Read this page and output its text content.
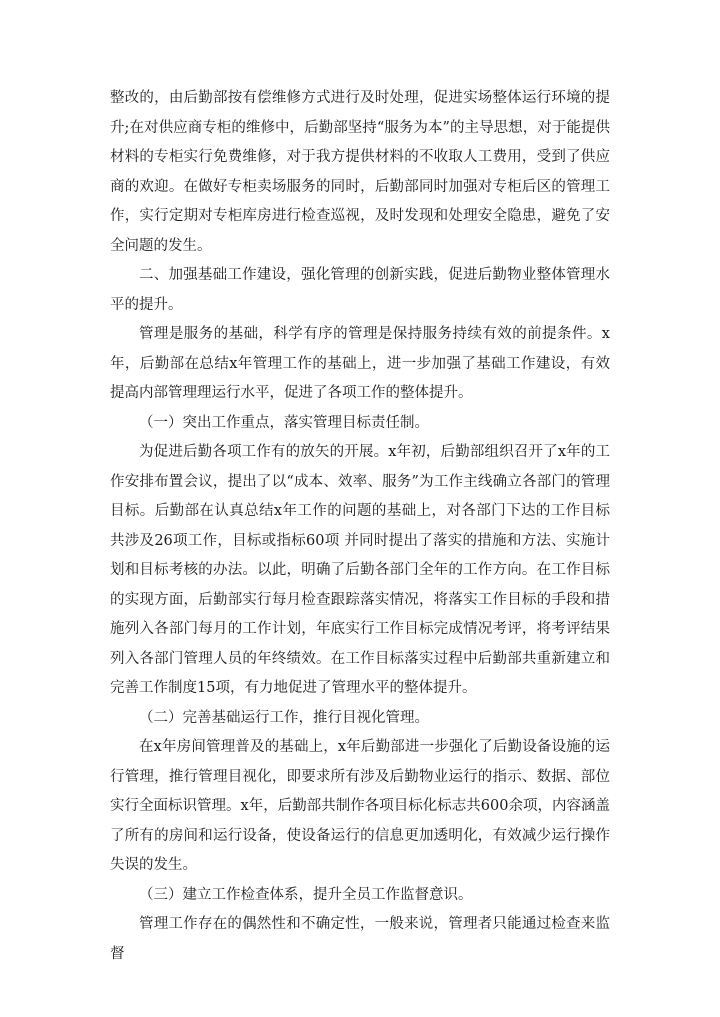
整改的，由后勤部按有偿维修方式进行及时处理，促进实场整体运行环境的提升;在对供应商专柜的维修中，后勤部坚持“服务为本”的主导思想，对于能提供材料的专柜实行免费维修，对于我方提供材料的不收取人工费用，受到了供应商的欢迎。在做好专柜卖场服务的同时，后勤部同时加强对专柜后区的管理工作，实行定期对专柜库房进行检查巡视，及时发现和处理安全隐患，避免了安全问题的发生。

二、加强基础工作建设，强化管理的创新实践，促进后勤物业整体管理水平的提升。

管理是服务的基础，科学有序的管理是保持服务持续有效的前提条件。x年，后勤部在总结x年管理工作的基础上，进一步加强了基础工作建设，有效提高内部管理理运行水平，促进了各项工作的整体提升。

（一）突出工作重点，落实管理目标责任制。

为促进后勤各项工作有的放矢的开展。x年初，后勤部组织召开了x年的工作安排布置会议，提出了以“成本、效率、服务”为工作主线确立各部门的管理目标。后勤部在认真总结x年工作的问题的基础上，对各部门下达的工作目标共涉及26项工作，目标或指标60项 并同时提出了落实的措施和方法、实施计划和目标考核的办法。以此，明确了后勤各部门全年的工作方向。在工作目标的实现方面，后勤部实行每月检查跟踪落实情况，将落实工作目标的手段和措施列入各部门每月的工作计划，年底实行工作目标完成情况考评，将考评结果列入各部门管理人员的年终绩效。在工作目标落实过程中后勤部共重新建立和完善工作制度15项，有力地促进了管理水平的整体提升。

（二）完善基础运行工作，推行目视化管理。

在x年房间管理普及的基础上，x年后勤部进一步强化了后勤设备设施的运行管理，推行管理目视化，即要求所有涉及后勤物业运行的指示、数据、部位实行全面标识管理。x年，后勤部共制作各项目标化标志共600余项，内容涵盖了所有的房间和运行设备，使设备运行的信息更加透明化，有效减少运行操作失误的发生。

（三）建立工作检查体系，提升全员工作监督意识。

管理工作存在的偶然性和不确定性，一般来说，管理者只能通过检查来监督
